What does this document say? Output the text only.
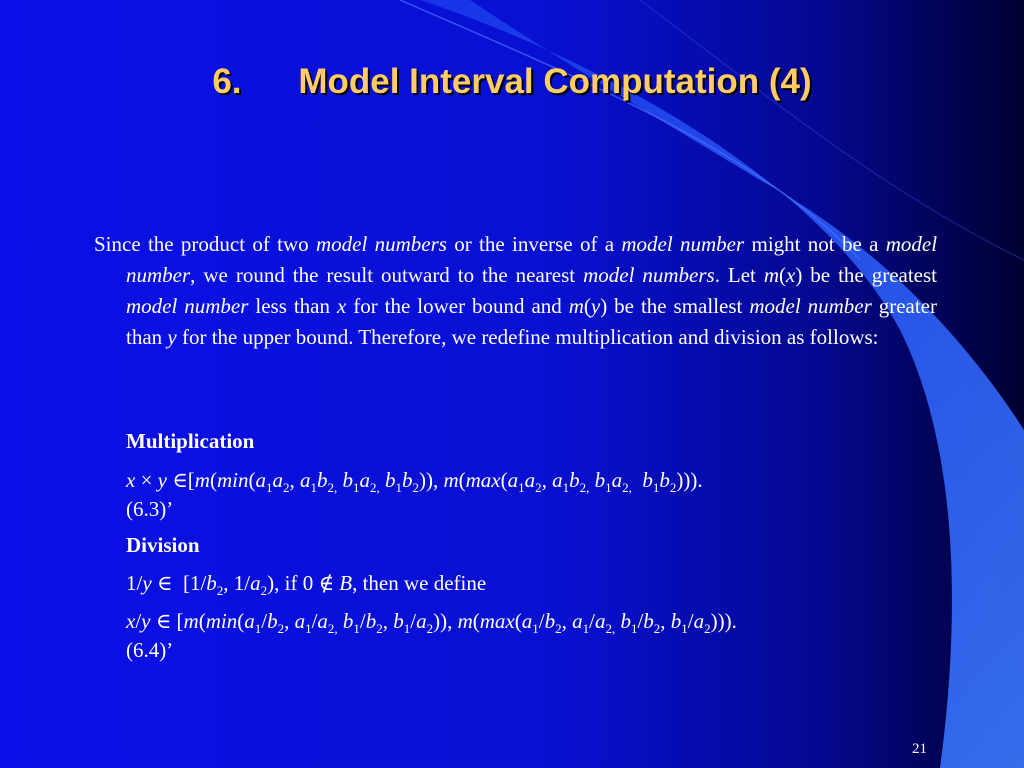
6. Model Interval Computation (4)

Since the product of two model numbers or the inverse of a model number might not be a model number, we round the result outward to the nearest model numbers. Let m(x) be the greatest model number less than x for the lower bound and m(y) be the smallest model number greater than y for the upper bound. Therefore, we redefine multiplication and division as follows:

Multiplication
x × y $\in[m(\min(a_1a_2$, $a_1b_{2,}$ $b_1a_{2,}$ $b_1b_2$)), $m(\max(a_1a_2$, $a_1b_{2,}$ $b_1a_{2,}$ $b_1b_2$))).
(6.3)’
Division
1/y ∈  [$1/b_2$, $1/a_2$), if 0 ∉ B, then we define
x/y ∈ [$m(\min(a_1/b_2$, $a_1/a_{2,}$ $b_1/b_2$, $b_1/a_2$)), $m(\max(a_1/b_2$, $a_1/a_{2,}$ $b_1/b_2$, $b_1/a_2$))).
(6.4)’
21
